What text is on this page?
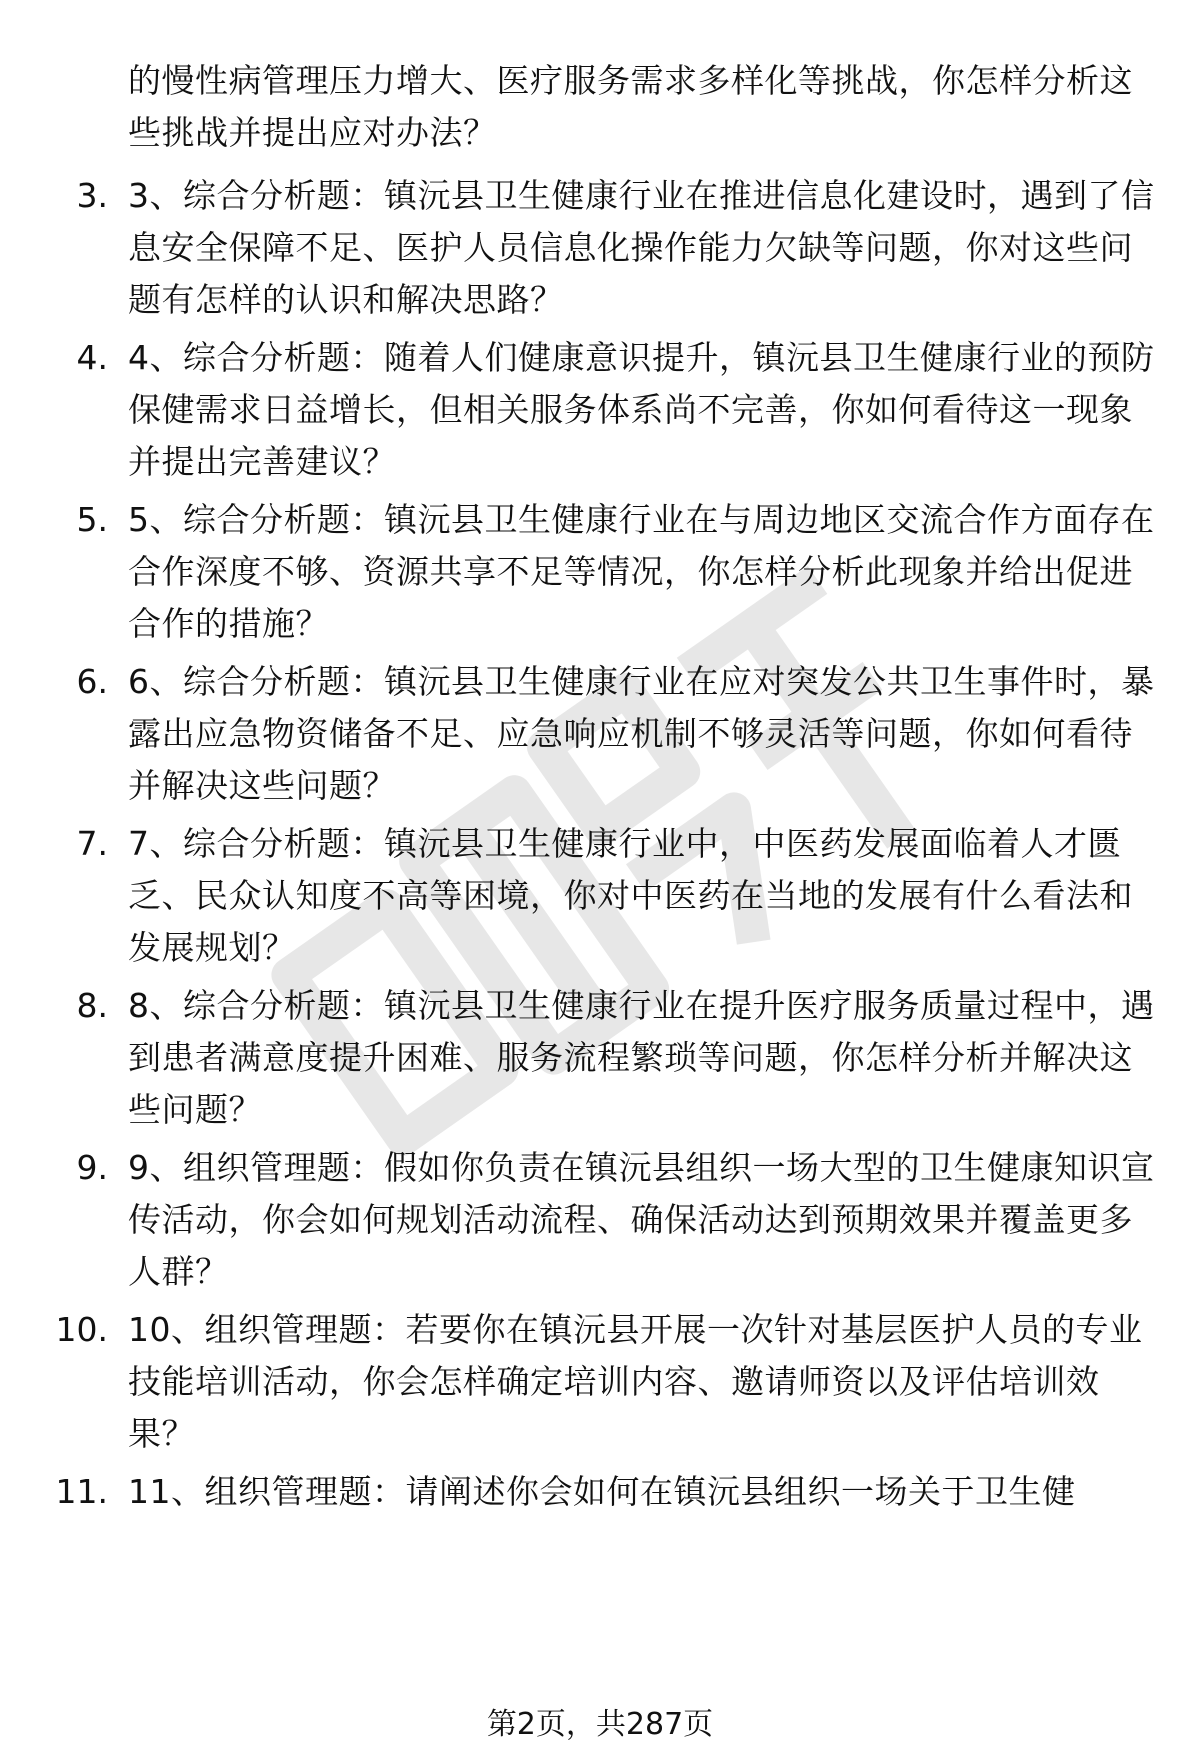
的慢性病管理压力增大、医疗服务需求多样化等挑战，你怎样分析这些挑战并提出应对办法？
3. 3、综合分析题：镇沅县卫生健康行业在推进信息化建设时，遇到了信息安全保障不足、医护人员信息化操作能力欠缺等问题，你对这些问题有怎样的认识和解决思路？
4. 4、综合分析题：随着人们健康意识提升，镇沅县卫生健康行业的预防保健需求日益增长，但相关服务体系尚不完善，你如何看待这一现象并提出完善建议？
5. 5、综合分析题：镇沅县卫生健康行业在与周边地区交流合作方面存在合作深度不够、资源共享不足等情况，你怎样分析此现象并给出促进合作的措施？
6. 6、综合分析题：镇沅县卫生健康行业在应对突发公共卫生事件时，暴露出应急物资储备不足、应急响应机制不够灵活等问题，你如何看待并解决这些问题？
7. 7、综合分析题：镇沅县卫生健康行业中，中医药发展面临着人才匮乏、民众认知度不高等困境，你对中医药在当地的发展有什么看法和发展规划？
8. 8、综合分析题：镇沅县卫生健康行业在提升医疗服务质量过程中，遇到患者满意度提升困难、服务流程繁琐等问题，你怎样分析并解决这些问题？
9. 9、组织管理题：假如你负责在镇沅县组织一场大型的卫生健康知识宣传活动，你会如何规划活动流程、确保活动达到预期效果并覆盖更多人群？
10. 10、组织管理题：若要你在镇沅县开展一次针对基层医护人员的专业技能培训活动，你会怎样确定培训内容、邀请师资以及评估培训效果？
11. 11、组织管理题：请阐述你会如何在镇沅县组织一场关于卫生健
第2页，共287页
